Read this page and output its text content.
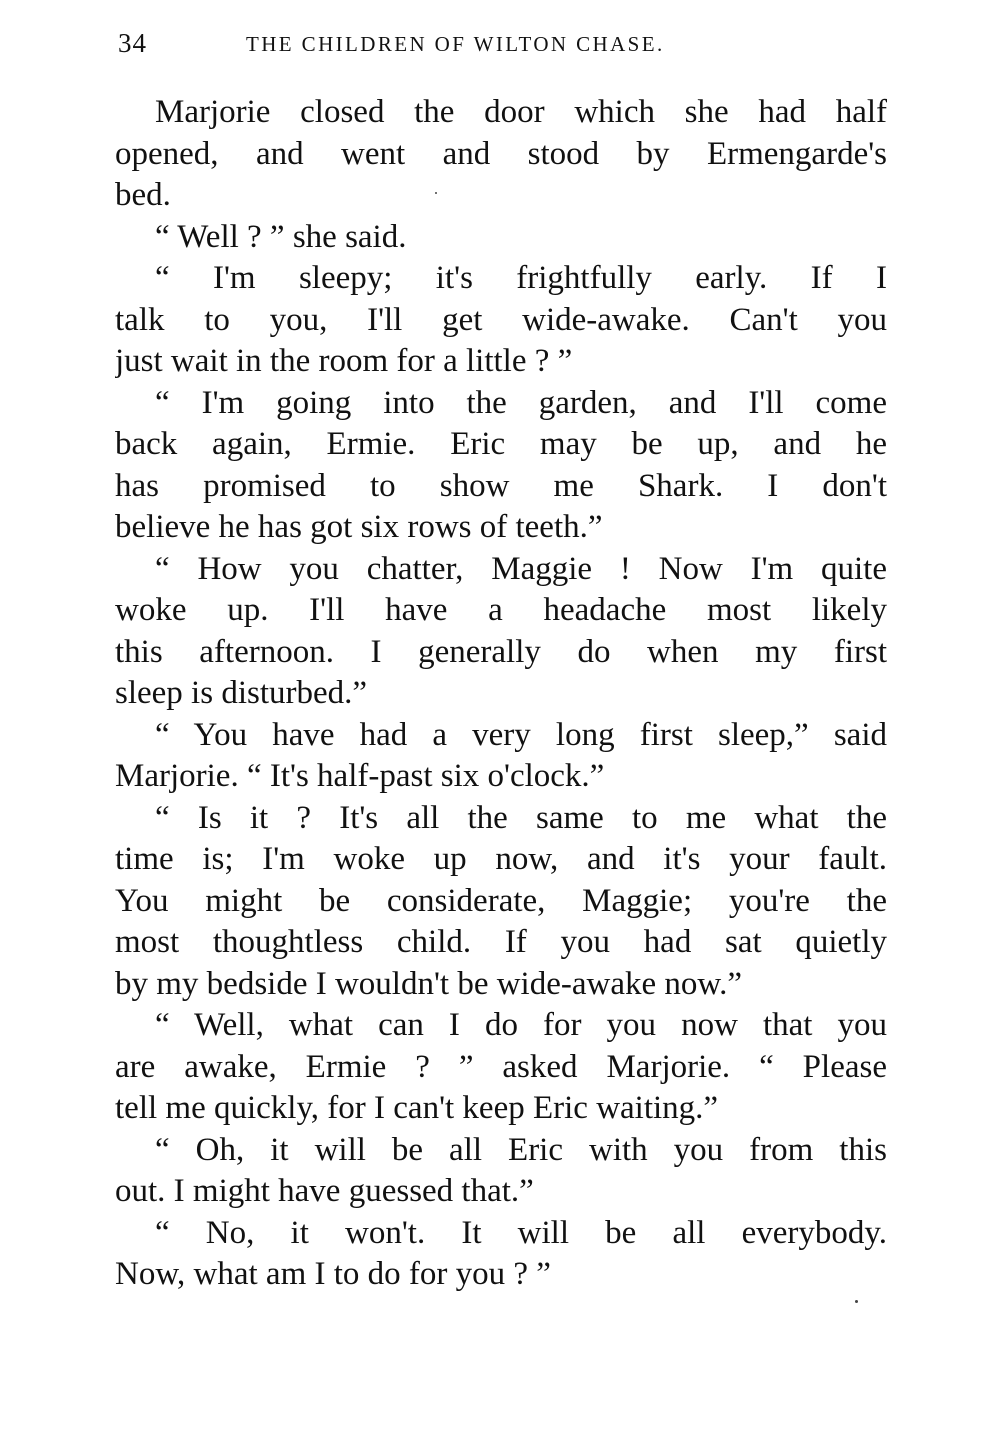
34	THE CHILDREN OF WILTON CHASE.
Marjorie closed the door which she had half
opened, and went and stood by Ermengarde's
bed.
“ Well ? ” she said.
“ I'm sleepy; it's frightfully early. If I
talk to you, I'll get wide-awake. Can't you
just wait in the room for a little ? ”
“ I'm going into the garden, and I'll come
back again, Ermie. Eric may be up, and he
has promised to show me Shark. I don't
believe he has got six rows of teeth.”
“ How you chatter, Maggie ! Now I'm quite
woke up. I'll have a headache most likely
this afternoon. I generally do when my first
sleep is disturbed.”
“ You have had a very long first sleep,” said
Marjorie. “ It's half-past six o'clock.”
“ Is it ? It's all the same to me what the
time is; I'm woke up now, and it's your fault.
You might be considerate, Maggie; you're the
most thoughtless child. If you had sat quietly
by my bedside I wouldn't be wide-awake now.”
“ Well, what can I do for you now that you
are awake, Ermie ? ” asked Marjorie. “ Please
tell me quickly, for I can't keep Eric waiting.”
“ Oh, it will be all Eric with you from this
out. I might have guessed that.”
“ No, it won't. It will be all everybody.
Now, what am I to do for you ? ”
